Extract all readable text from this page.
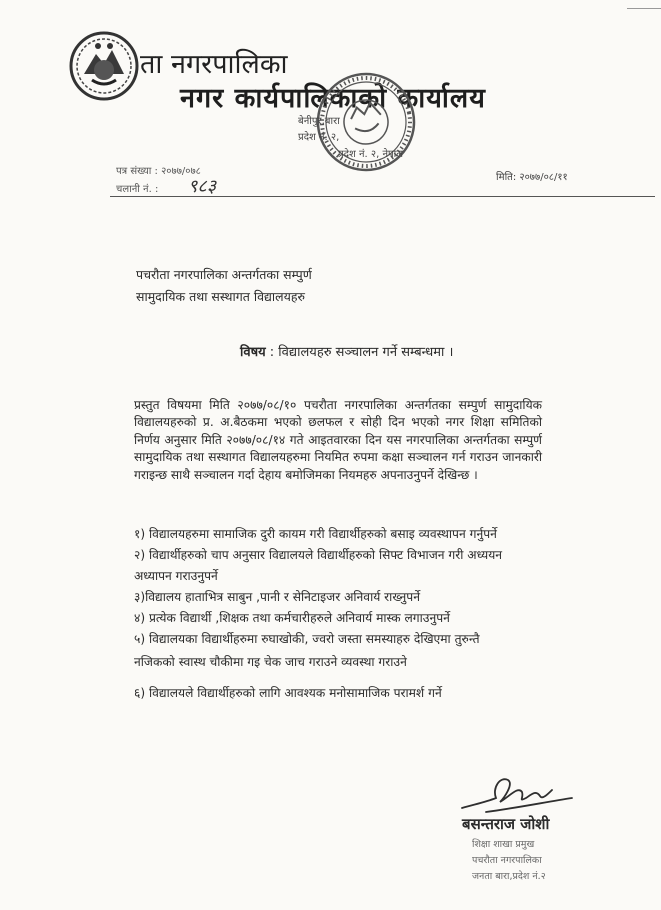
ता नगरपालिका
नगर कार्यपालिकाको कार्यालय
बेनीपुर,बारा
प्रदेश नं. २,
प्रदेश नं. २, नेपाल
पत्र संख्या : २०७७/०७८
मिति: २०७७/०८/११
चलानी नं. : ९८३
पचरौता नगरपालिका अन्तर्गतका सम्पुर्ण
सामुदायिक तथा सस्थागत विद्यालयहरु
विषय : विद्यालयहरु सञ्चालन गर्ने सम्बन्धमा ।
प्रस्तुत विषयमा मिति २०७७/०८/१० पचरौता नगरपालिका अन्तर्गतका सम्पुर्ण सामुदायिक विद्यालयहरुको प्र. अ.बैठकमा भएको छलफल र सोही दिन भएको नगर शिक्षा समितिको निर्णय अनुसार मिति २०७७/०८/१४ गते आइतवारका दिन यस नगरपालिका अन्तर्गतका सम्पुर्ण सामुदायिक तथा सस्थागत विद्यालयहरुमा नियमित रुपमा कक्षा सञ्चालन गर्न गराउन जानकारी गराइन्छ साथै सञ्चालन गर्दा देहाय बमोजिमका नियमहरु अपनाउनुपर्ने देखिन्छ ।
१) विद्यालयहरुमा सामाजिक दुरी कायम गरी विद्यार्थीहरुको बसाइ व्यवस्थापन गर्नुपर्ने
२) विद्यार्थीहरुको चाप अनुसार विद्यालयले विद्यार्थीहरुको सिफ्ट विभाजन गरी अध्ययन
अध्यापन गराउनुपर्ने
३)विद्यालय हाताभित्र साबुन ,पानी र सेनिटाइजर अनिवार्य राख्नुपर्ने
४) प्रत्येक विद्यार्थी ,शिक्षक तथा कर्मचारीहरुले अनिवार्य मास्क लगाउनुपर्ने
५) विद्यालयका विद्यार्थीहरुमा रुघाखोकी, ज्वरो जस्ता समस्याहरु देखिएमा तुरुन्तै
नजिकको स्वास्थ चौकीमा गइ चेक जाच गराउने व्यवस्था गराउने
६) विद्यालयले विद्यार्थीहरुको लागि आवश्यक मनोसामाजिक परामर्श गर्ने
बसन्तराज जोशी
शिक्षा शाखा प्रमुख
पचरौता नगरपालिका
जनता बारा,प्रदेश नं.२
